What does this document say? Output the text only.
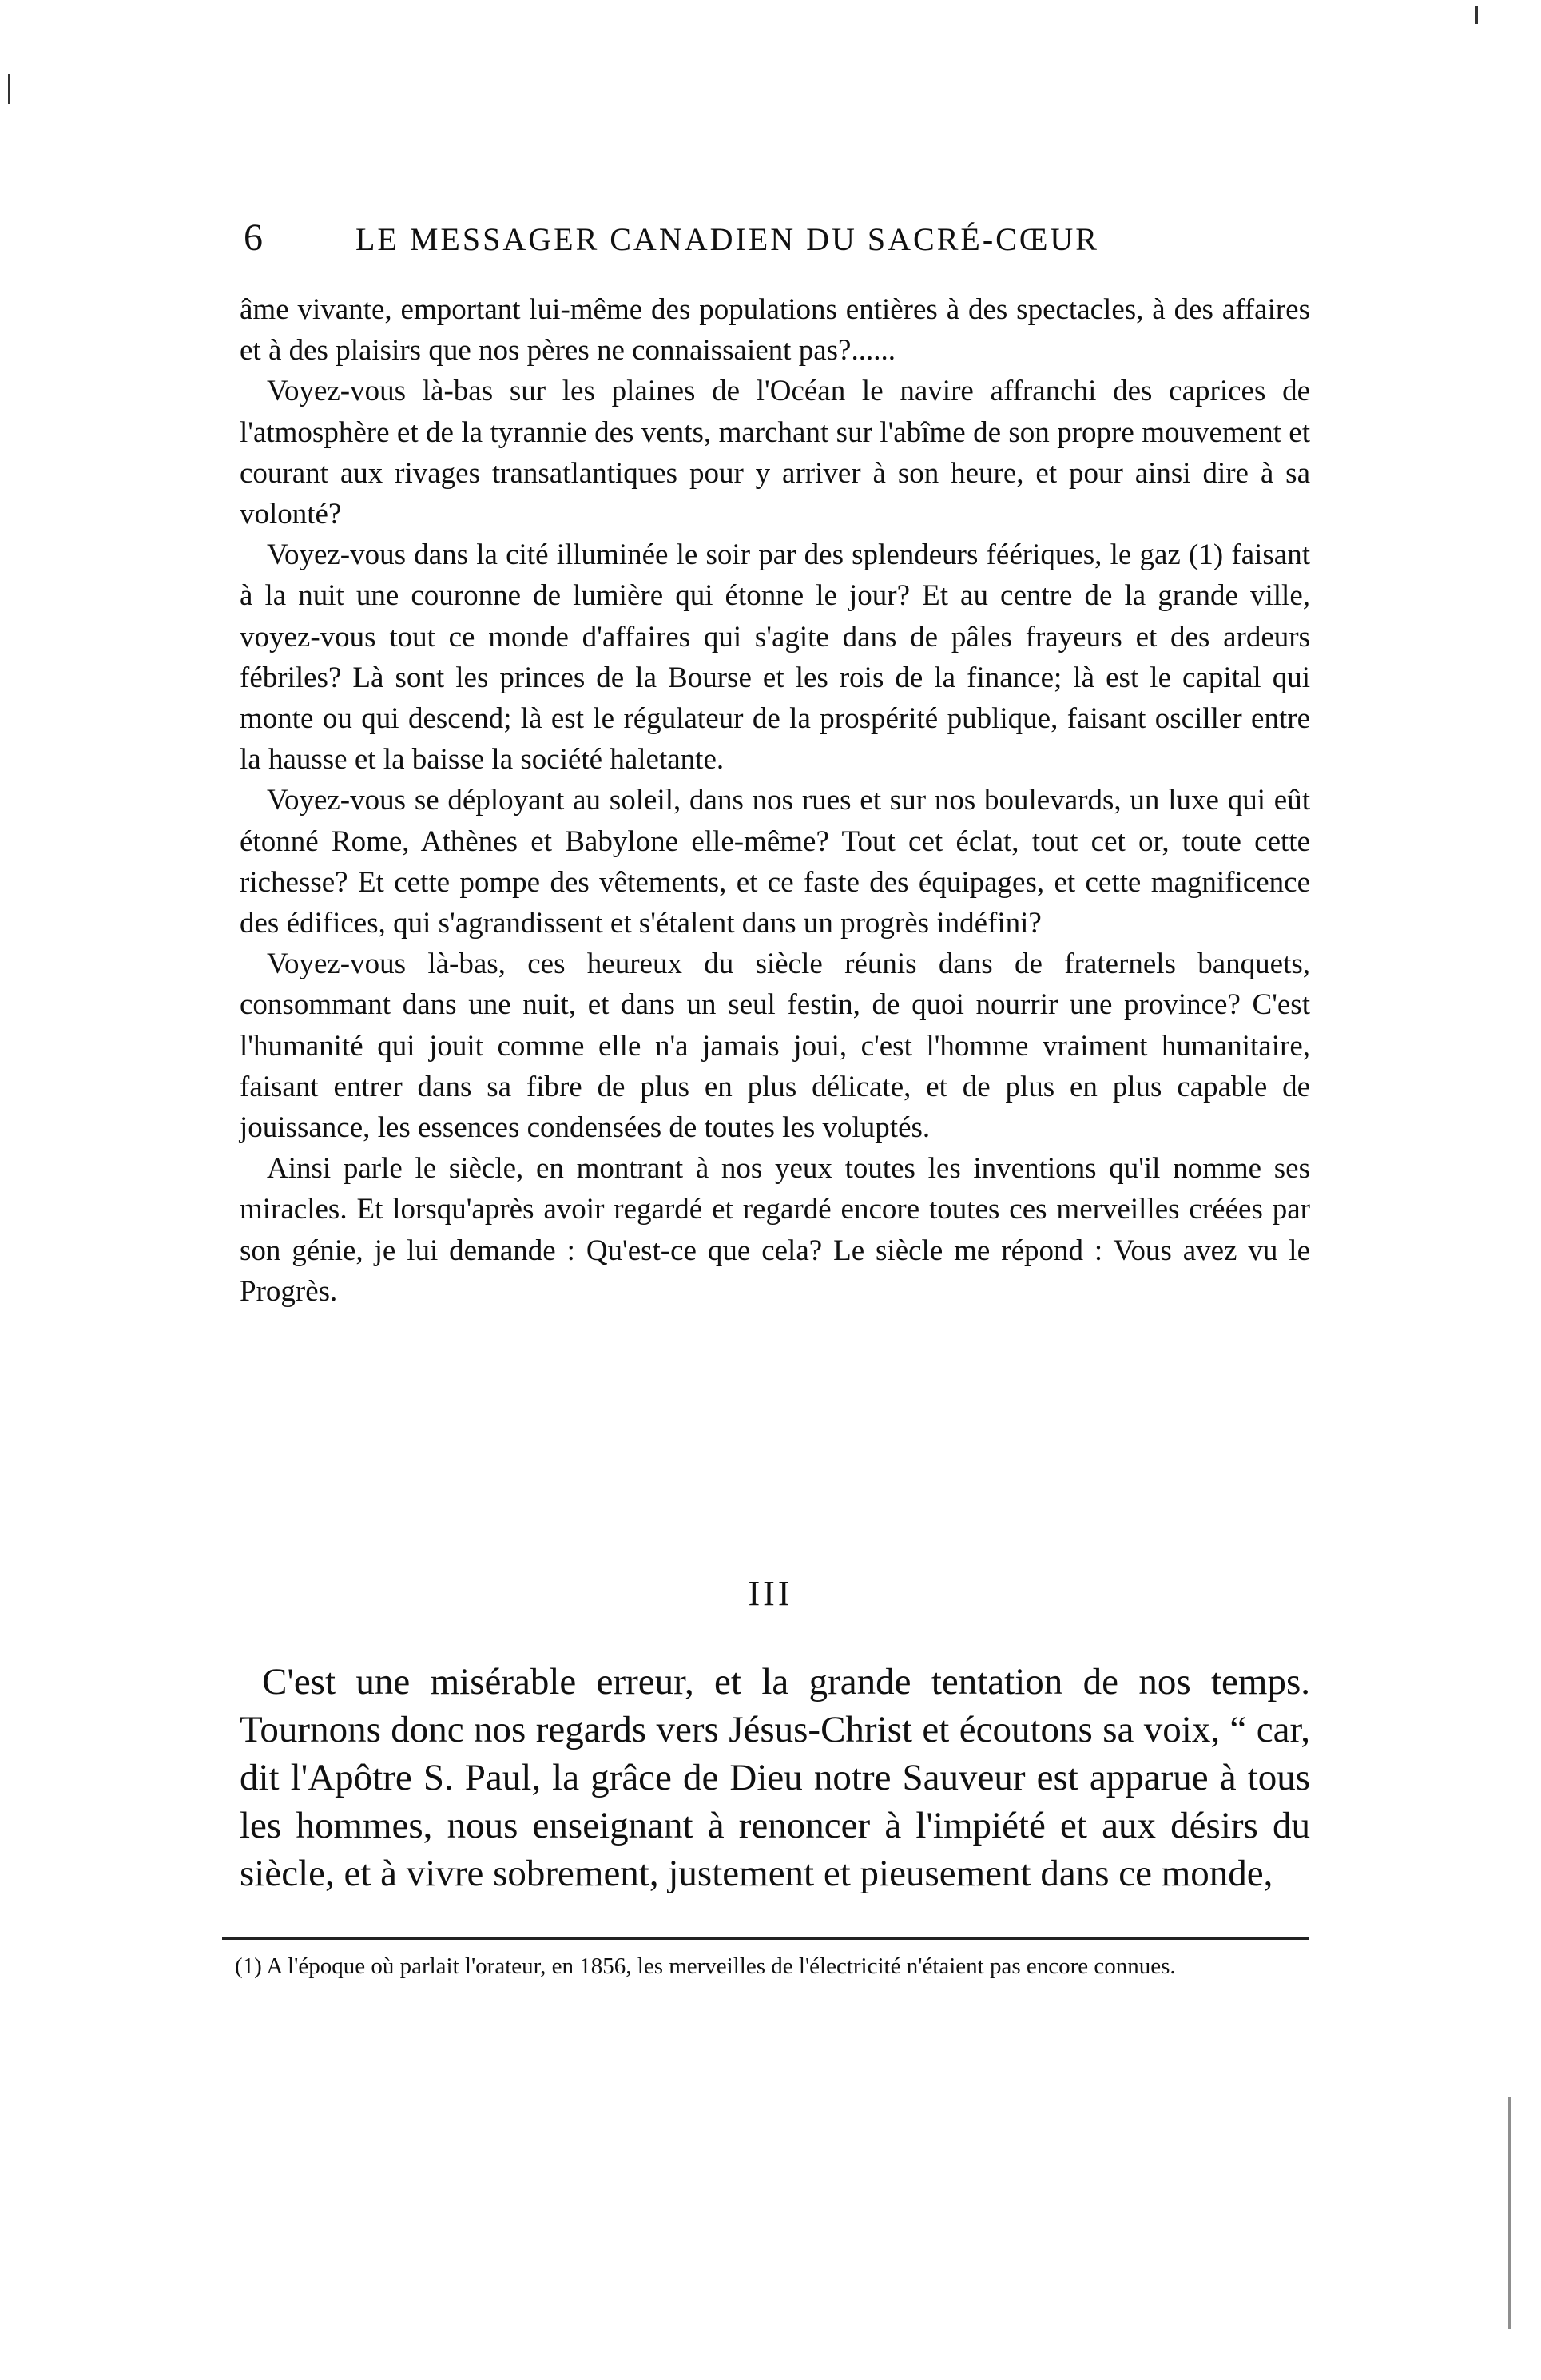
6	LE MESSAGER CANADIEN DU SACRÉ-CŒUR

âme vivante, emportant lui-même des populations entières à des spectacles, à des affaires et à des plaisirs que nos pères ne connaissaient pas?......

Voyez-vous là-bas sur les plaines de l'Océan le navire affranchi des caprices de l'atmosphère et de la tyrannie des vents, marchant sur l'abîme de son propre mouvement et courant aux rivages transatlantiques pour y arriver à son heure, et pour ainsi dire à sa volonté?

Voyez-vous dans la cité illuminée le soir par des splendeurs féériques, le gaz (1) faisant à la nuit une couronne de lumière qui étonne le jour? Et au centre de la grande ville, voyez-vous tout ce monde d'affaires qui s'agite dans de pâles frayeurs et des ardeurs fébriles? Là sont les princes de la Bourse et les rois de la finance; là est le capital qui monte ou qui descend; là est le régulateur de la prospérité publique, faisant osciller entre la hausse et la baisse la société haletante.

Voyez-vous se déployant au soleil, dans nos rues et sur nos boulevards, un luxe qui eût étonné Rome, Athènes et Babylone elle-même? Tout cet éclat, tout cet or, toute cette richesse? Et cette pompe des vêtements, et ce faste des équipages, et cette magnificence des édifices, qui s'agrandissent et s'étalent dans un progrès indéfini?

Voyez-vous là-bas, ces heureux du siècle réunis dans de fraternels banquets, consommant dans une nuit, et dans un seul festin, de quoi nourrir une province? C'est l'humanité qui jouit comme elle n'a jamais joui, c'est l'homme vraiment humanitaire, faisant entrer dans sa fibre de plus en plus délicate, et de plus en plus capable de jouissance, les essences condensées de toutes les voluptés.

Ainsi parle le siècle, en montrant à nos yeux toutes les inventions qu'il nomme ses miracles. Et lorsqu'après avoir regardé et regardé encore toutes ces merveilles créées par son génie, je lui demande : Qu'est-ce que cela? Le siècle me répond : Vous avez vu le Progrès.

III

C'est une misérable erreur, et la grande tentation de nos temps. Tournons donc nos regards vers Jésus-Christ et écoutons sa voix, “ car, dit l'Apôtre S. Paul, la grâce de Dieu notre Sauveur est apparue à tous les hommes, nous enseignant à renoncer à l'impiété et aux désirs du siècle, et à vivre sobrement, justement et pieusement dans ce monde,

(1) A l'époque où parlait l'orateur, en 1856, les merveilles de l'électricité n'étaient pas encore connues.
